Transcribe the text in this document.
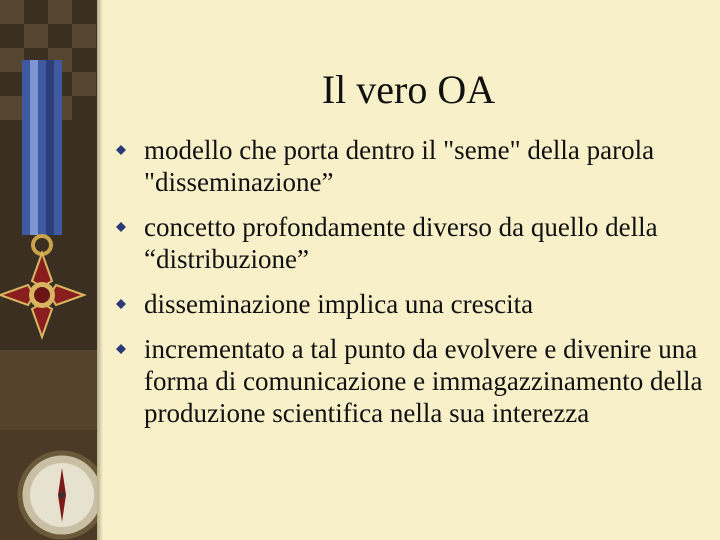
Il vero OA
modello che porta dentro il "seme" della parola "disseminazione”
concetto profondamente diverso da quello della “distribuzione”
disseminazione implica una crescita
incrementato a tal punto da evolvere e divenire una forma di comunicazione e immagazzinamento della produzione scientifica nella sua interezza
